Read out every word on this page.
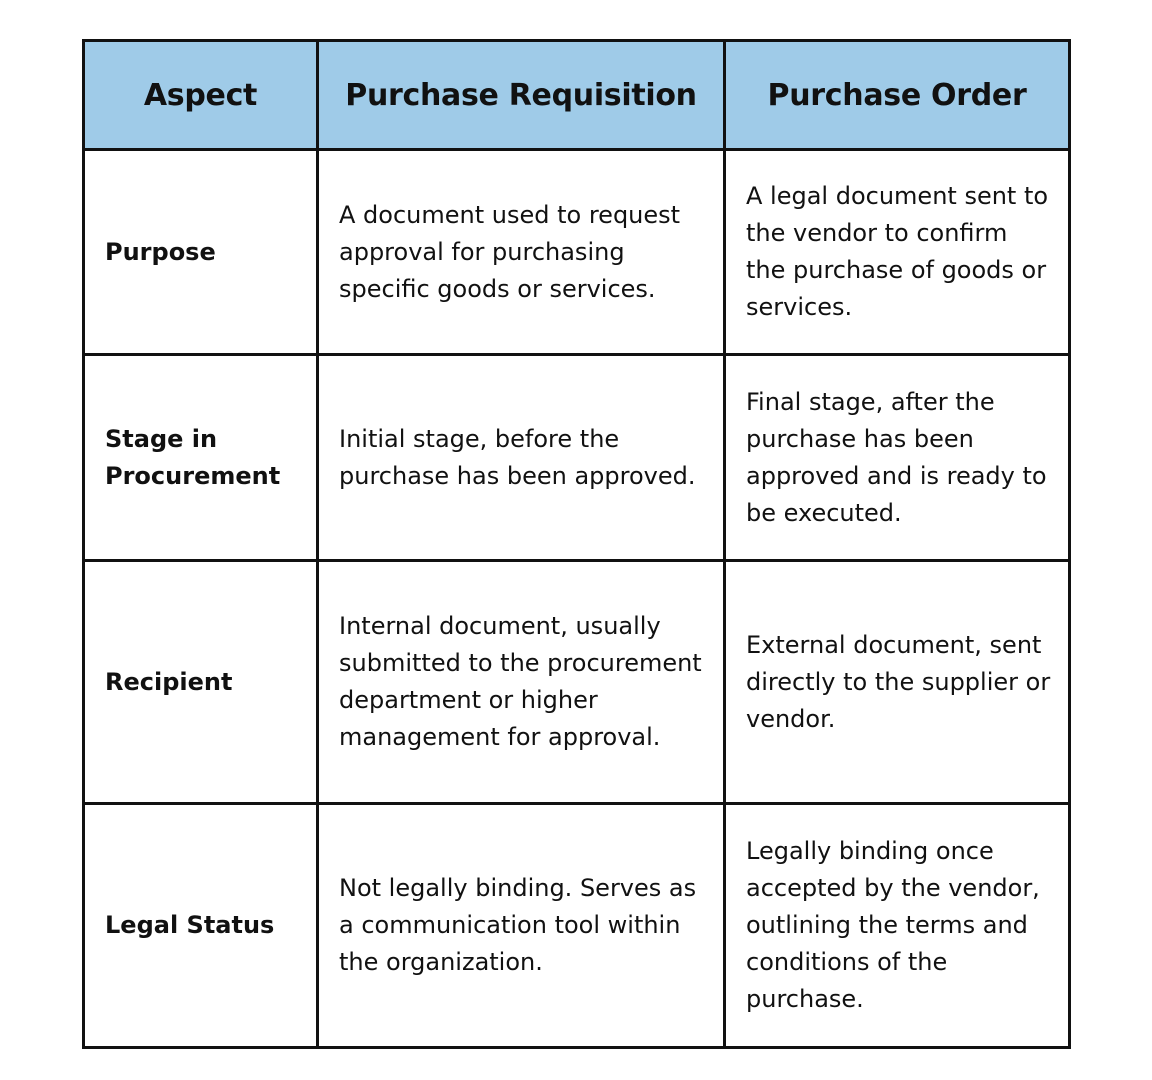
Aspect	Purchase Requisition	Purchase Order
Purpose	A document used to request approval for purchasing specific goods or services.	A legal document sent to the vendor to confirm the purchase of goods or services.
Stage in Procurement	Initial stage, before the purchase has been approved.	Final stage, after the purchase has been approved and is ready to be executed.
Recipient	Internal document, usually submitted to the procurement department or higher management for approval.	External document, sent directly to the supplier or vendor.
Legal Status	Not legally binding. Serves as a communication tool within the organization.	Legally binding once accepted by the vendor, outlining the terms and conditions of the purchase.
